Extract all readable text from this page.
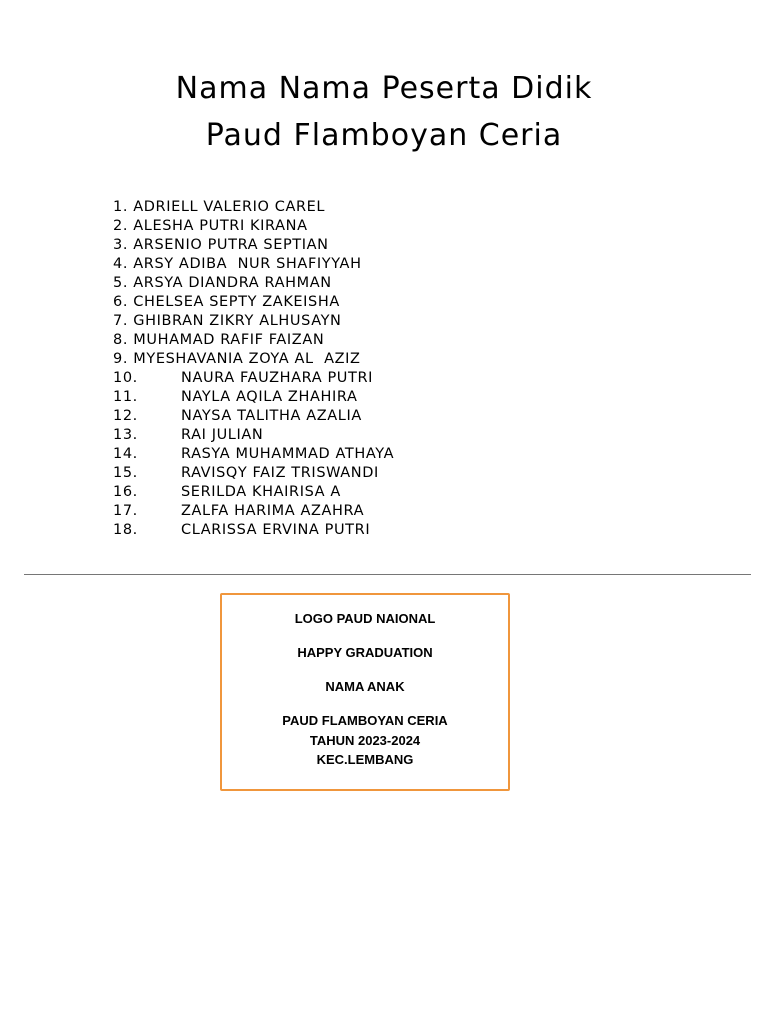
Nama Nama Peserta Didik
Paud Flamboyan Ceria
1.
ADRIELL VALERIO CAREL
2.
ALESHA PUTRI KIRANA
3.
ARSENIO PUTRA SEPTIAN
4.
ARSY ADIBA  NUR SHAFIYYAH
5.
ARSYA DIANDRA RAHMAN
6.
CHELSEA SEPTY ZAKEISHA
7.
GHIBRAN ZIKRY ALHUSAYN
8.
MUHAMAD RAFIF FAIZAN
9.
MYESHAVANIA ZOYA AL  AZIZ
10.	NAURA FAUZHARA PUTRI
11.	NAYLA AQILA ZHAHIRA
12.	NAYSA TALITHA AZALIA
13.	RAI JULIAN
14.	RASYA MUHAMMAD ATHAYA
15.	RAVISQY FAIZ TRISWANDI
16.	SERILDA KHAIRISA A
17.	ZALFA HARIMA AZAHRA
18.	CLARISSA ERVINA PUTRI
LOGO PAUD NAIONAL
HAPPY GRADUATION
NAMA ANAK
PAUD FLAMBOYAN CERIA
TAHUN 2023-2024
KEC.LEMBANG
